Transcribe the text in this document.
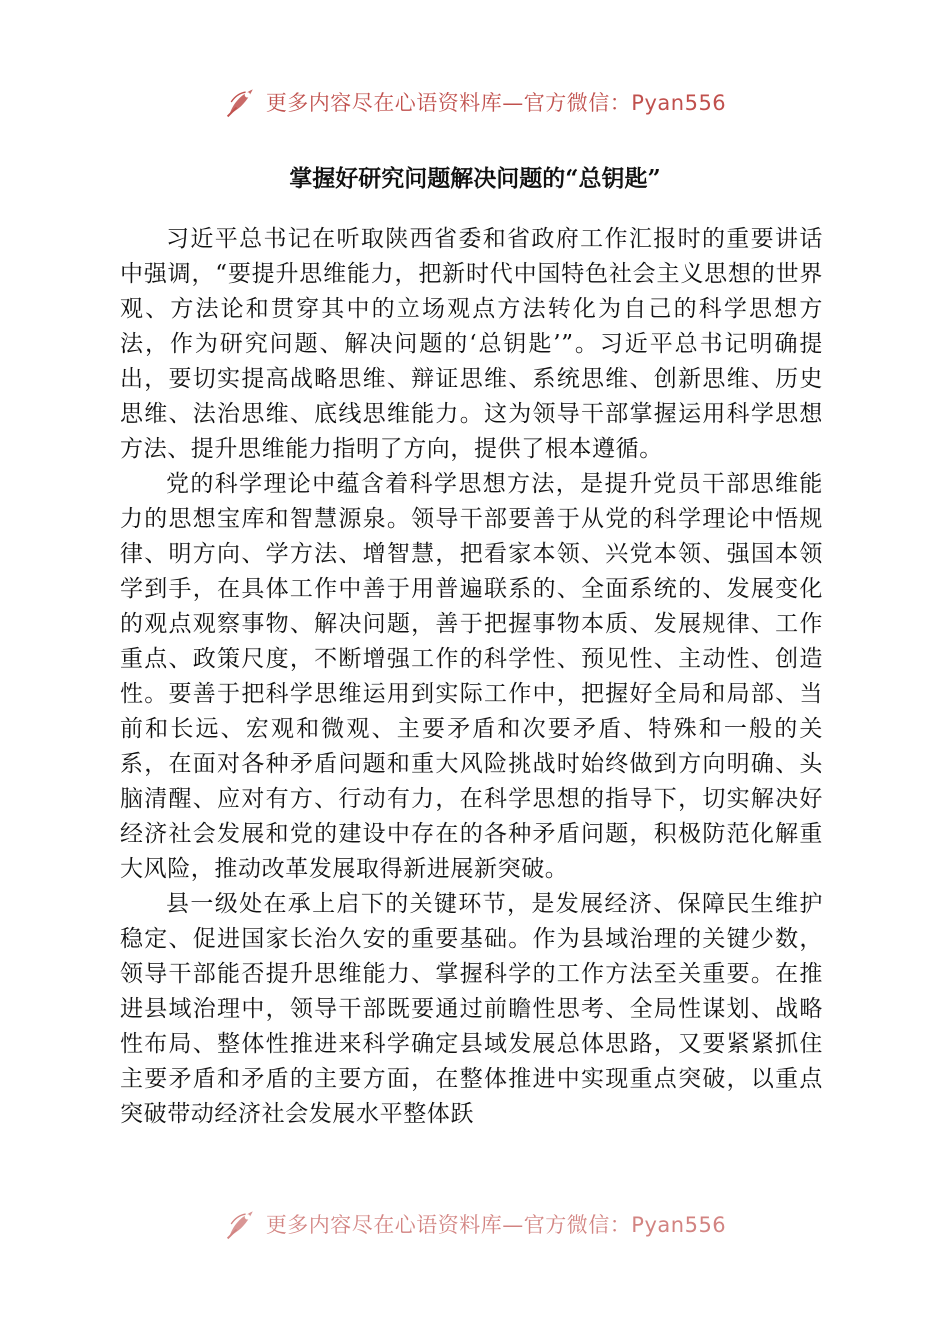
更多内容尽在心语资料库—官方微信：Pyan556
掌握好研究问题解决问题的“总钥匙”

习近平总书记在听取陕西省委和省政府工作汇报时的重要讲话中强调，“要提升思维能力，把新时代中国特色社会主义思想的世界观、方法论和贯穿其中的立场观点方法转化为自己的科学思想方法，作为研究问题、解决问题的‘总钥匙’”。习近平总书记明确提出，要切实提高战略思维、辩证思维、系统思维、创新思维、历史思维、法治思维、底线思维能力。这为领导干部掌握运用科学思想方法、提升思维能力指明了方向，提供了根本遵循。

党的科学理论中蕴含着科学思想方法，是提升党员干部思维能力的思想宝库和智慧源泉。领导干部要善于从党的科学理论中悟规律、明方向、学方法、增智慧，把看家本领、兴党本领、强国本领学到手，在具体工作中善于用普遍联系的、全面系统的、发展变化的观点观察事物、解决问题，善于把握事物本质、发展规律、工作重点、政策尺度，不断增强工作的科学性、预见性、主动性、创造性。要善于把科学思维运用到实际工作中，把握好全局和局部、当前和长远、宏观和微观、主要矛盾和次要矛盾、特殊和一般的关系，在面对各种矛盾问题和重大风险挑战时始终做到方向明确、头脑清醒、应对有方、行动有力，在科学思想的指导下，切实解决好经济社会发展和党的建设中存在的各种矛盾问题，积极防范化解重大风险，推动改革发展取得新进展新突破。

县一级处在承上启下的关键环节，是发展经济、保障民生维护稳定、促进国家长治久安的重要基础。作为县域治理的关键少数，领导干部能否提升思维能力、掌握科学的工作方法至关重要。在推进县域治理中，领导干部既要通过前瞻性思考、全局性谋划、战略性布局、整体性推进来科学确定县域发展总体思路，又要紧紧抓住主要矛盾和矛盾的主要方面，在整体推进中实现重点突破，以重点突破带动经济社会发展水平整体跃

更多内容尽在心语资料库—官方微信：Pyan556
